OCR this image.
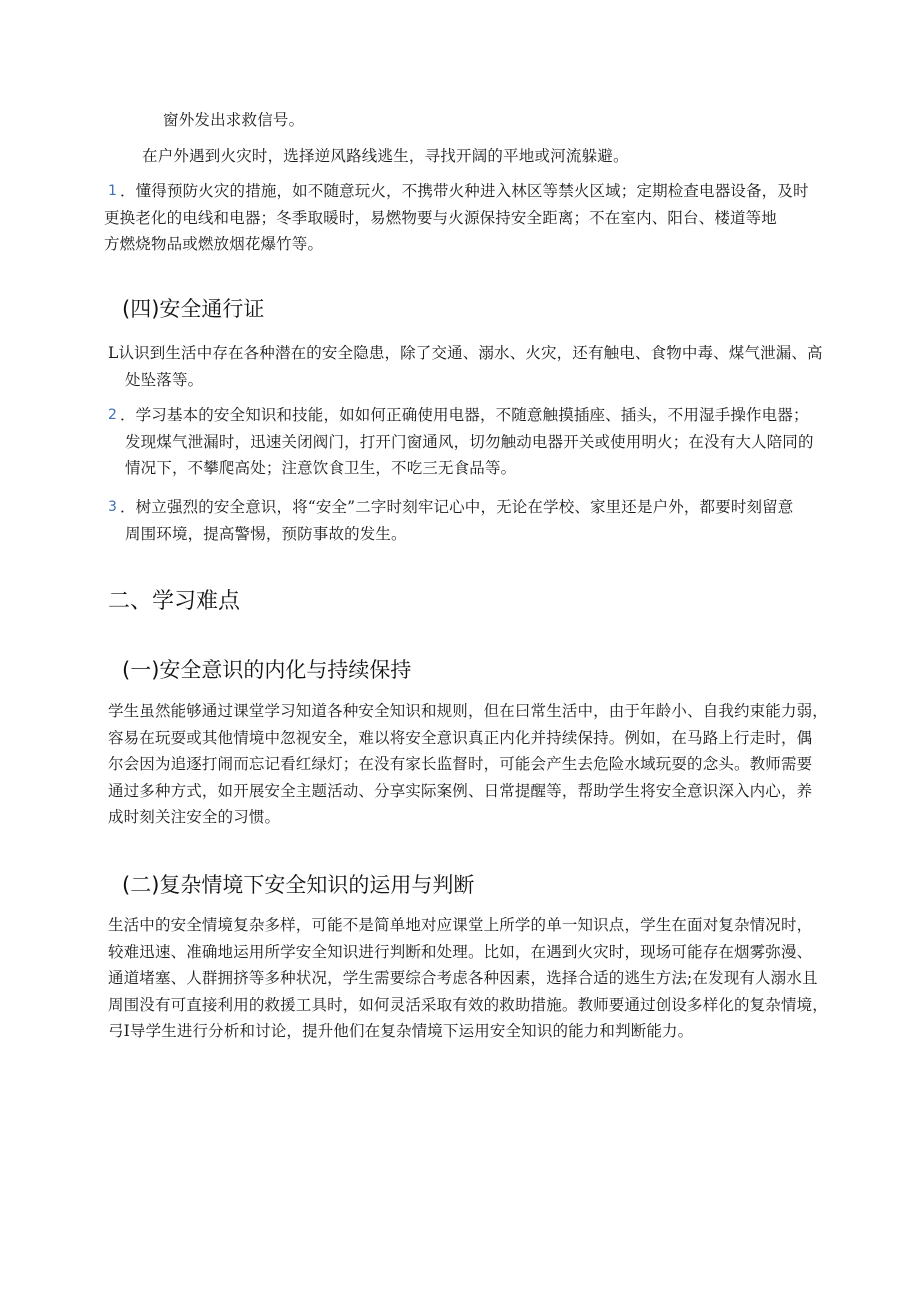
窗外发出求救信号。
在户外遇到火灾时，选择逆风路线逃生，寻找开阔的平地或河流躲避。
1 ．懂得预防火灾的措施，如不随意玩火，不携带火种进入林区等禁火区域；定期检查电器设备，及时
更换老化的电线和电器；冬季取暖时，易燃物要与火源保持安全距离；不在室内、阳台、楼道等地
方燃烧物品或燃放烟花爆竹等。
(四)安全通行证
L认识到生活中存在各种潜在的安全隐患，除了交通、溺水、火灾，还有触电、食物中毒、煤气泄漏、高
处坠落等。
2 ．学习基本的安全知识和技能，如如何正确使用电器，不随意触摸插座、插头，不用湿手操作电器；
发现煤气泄漏时，迅速关闭阀门，打开门窗通风，切勿触动电器开关或使用明火；在没有大人陪同的
情况下，不攀爬高处；注意饮食卫生，不吃三无食品等。
3 ．树立强烈的安全意识，将“安全”二字时刻牢记心中，无论在学校、家里还是户外，都要时刻留意
周围环境，提高警惕，预防事故的发生。
二、学习难点
(一)安全意识的内化与持续保持
学生虽然能够通过课堂学习知道各种安全知识和规则，但在曰常生活中，由于年龄小、自我约束能力弱，
容易在玩耍或其他情境中忽视安全，难以将安全意识真正内化并持续保持。例如，在马路上行走时，偶
尔会因为追逐打闹而忘记看红绿灯；在没有家长监督时，可能会产生去危险水域玩耍的念头。教师需要
通过多种方式，如开展安全主题活动、分享实际案例、日常提醒等，帮助学生将安全意识深入内心，养
成时刻关注安全的习惯。
(二)复杂情境下安全知识的运用与判断
生活中的安全情境复杂多样，可能不是简单地对应课堂上所学的单一知识点，学生在面对复杂情况时，
较难迅速、准确地运用所学安全知识进行判断和处理。比如，在遇到火灾时，现场可能存在烟雾弥漫、
通道堵塞、人群拥挤等多种状况，学生需要综合考虑各种因素，选择合适的逃生方法;在发现有人溺水且
周围没有可直接利用的救援工具时，如何灵活采取有效的救助措施。教师要通过创设多样化的复杂情境，
弓I导学生进行分析和讨论，提升他们在复杂情境下运用安全知识的能力和判断能力。
